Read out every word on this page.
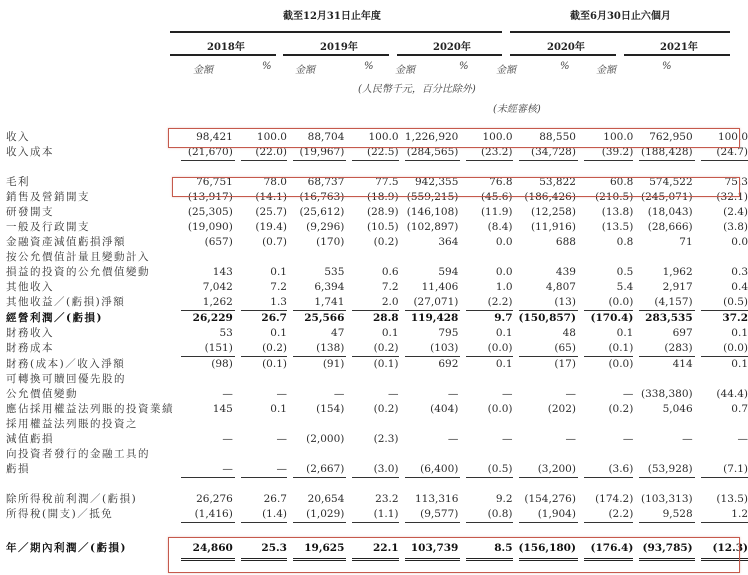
截至12月31日止年度	截至6月30日止六個月
2018年	2019年	2020年	2020年	2021年
金額	% 金額	% 金額	%	金額	%	金額	%
(人民幣千元，百分比除外)
(未經審核)
收入	98,421	100.0	88,704	100.0	1,226,920	100.0	88,550	100.0	762,950	100.0
收入成本	(21,670)	(22.0)	(19,967)	(22.5)	(284,565)	(23.2)	(34,728)	(39.2)	(188,428)	(24.7)

毛利	76,751	78.0	68,737	77.5	942,355	76.8	53,822	60.8	574,522	75.3
銷售及營銷開支	(13,917)	(14.1)	(16,763)	(18.9)	(559,215)	(45.6)	(186,426)	(210.5)	(245,071)	(32.1)
研發開支	(25,305)	(25.7)	(25,612)	(28.9)	(146,108)	(11.9)	(12,258)	(13.8)	(18,043)	(2.4)
一般及行政開支	(19,090)	(19.4)	(9,296)	(10.5)	(102,897)	(8.4)	(11,916)	(13.5)	(28,666)	(3.8)
金融資產減值虧損淨額	(657)	(0.7)	(170)	(0.2)	364	0.0	688	0.8	71	0.0
按公允價值計量且變動計入										
損益的投資的公允價值變動	143	0.1	535	0.6	594	0.0	439	0.5	1,962	0.3
其他收入	7,042	7.2	6,394	7.2	11,406	1.0	4,807	5.4	2,917	0.4
其他收益／(虧損)淨額	1,262	1.3	1,741	2.0	(27,071)	(2.2)	(13)	(0.0)	(4,157)	(0.5)
經營利潤／(虧損)	26,229	26.7	25,566	28.8	119,428	9.7	(150,857)	(170.4)	283,535	37.2
財務收入	53	0.1	47	0.1	795	0.1	48	0.1	697	0.1
財務成本	(151)	(0.2)	(138)	(0.2)	(103)	(0.0)	(65)	(0.1)	(283)	(0.0)
財務(成本)／收入淨額	(98)	(0.1)	(91)	(0.1)	692	0.1	(17)	(0.0)	414	0.1
可轉換可贖回優先股的										
公允價值變動	—	—	—	—	—	—	—	—	(338,380)	(44.4)
應佔採用權益法列賬的投資業績	145	0.1	(154)	(0.2)	(404)	(0.0)	(202)	(0.2)	5,046	0.7
採用權益法列賬的投資之										
減值虧損	—	—	(2,000)	(2.3)	—	—	—	—	—	—
向投資者發行的金融工具的										
虧損	—	—	(2,667)	(3.0)	(6,400)	(0.5)	(3,200)	(3.6)	(53,928)	(7.1)

除所得稅前利潤／(虧損)	26,276	26.7	20,654	23.2	113,316	9.2	(154,276)	(174.2)	(103,313)	(13.5)
所得稅(開支)／抵免	(1,416)	(1.4)	(1,029)	(1.1)	(9,577)	(0.8)	(1,904)	(2.2)	9,528	1.2

年／期內利潤／(虧損)	24,860	25.3	19,625	22.1	103,739	8.5	(156,180)	(176.4)	(93,785)	(12.3)
